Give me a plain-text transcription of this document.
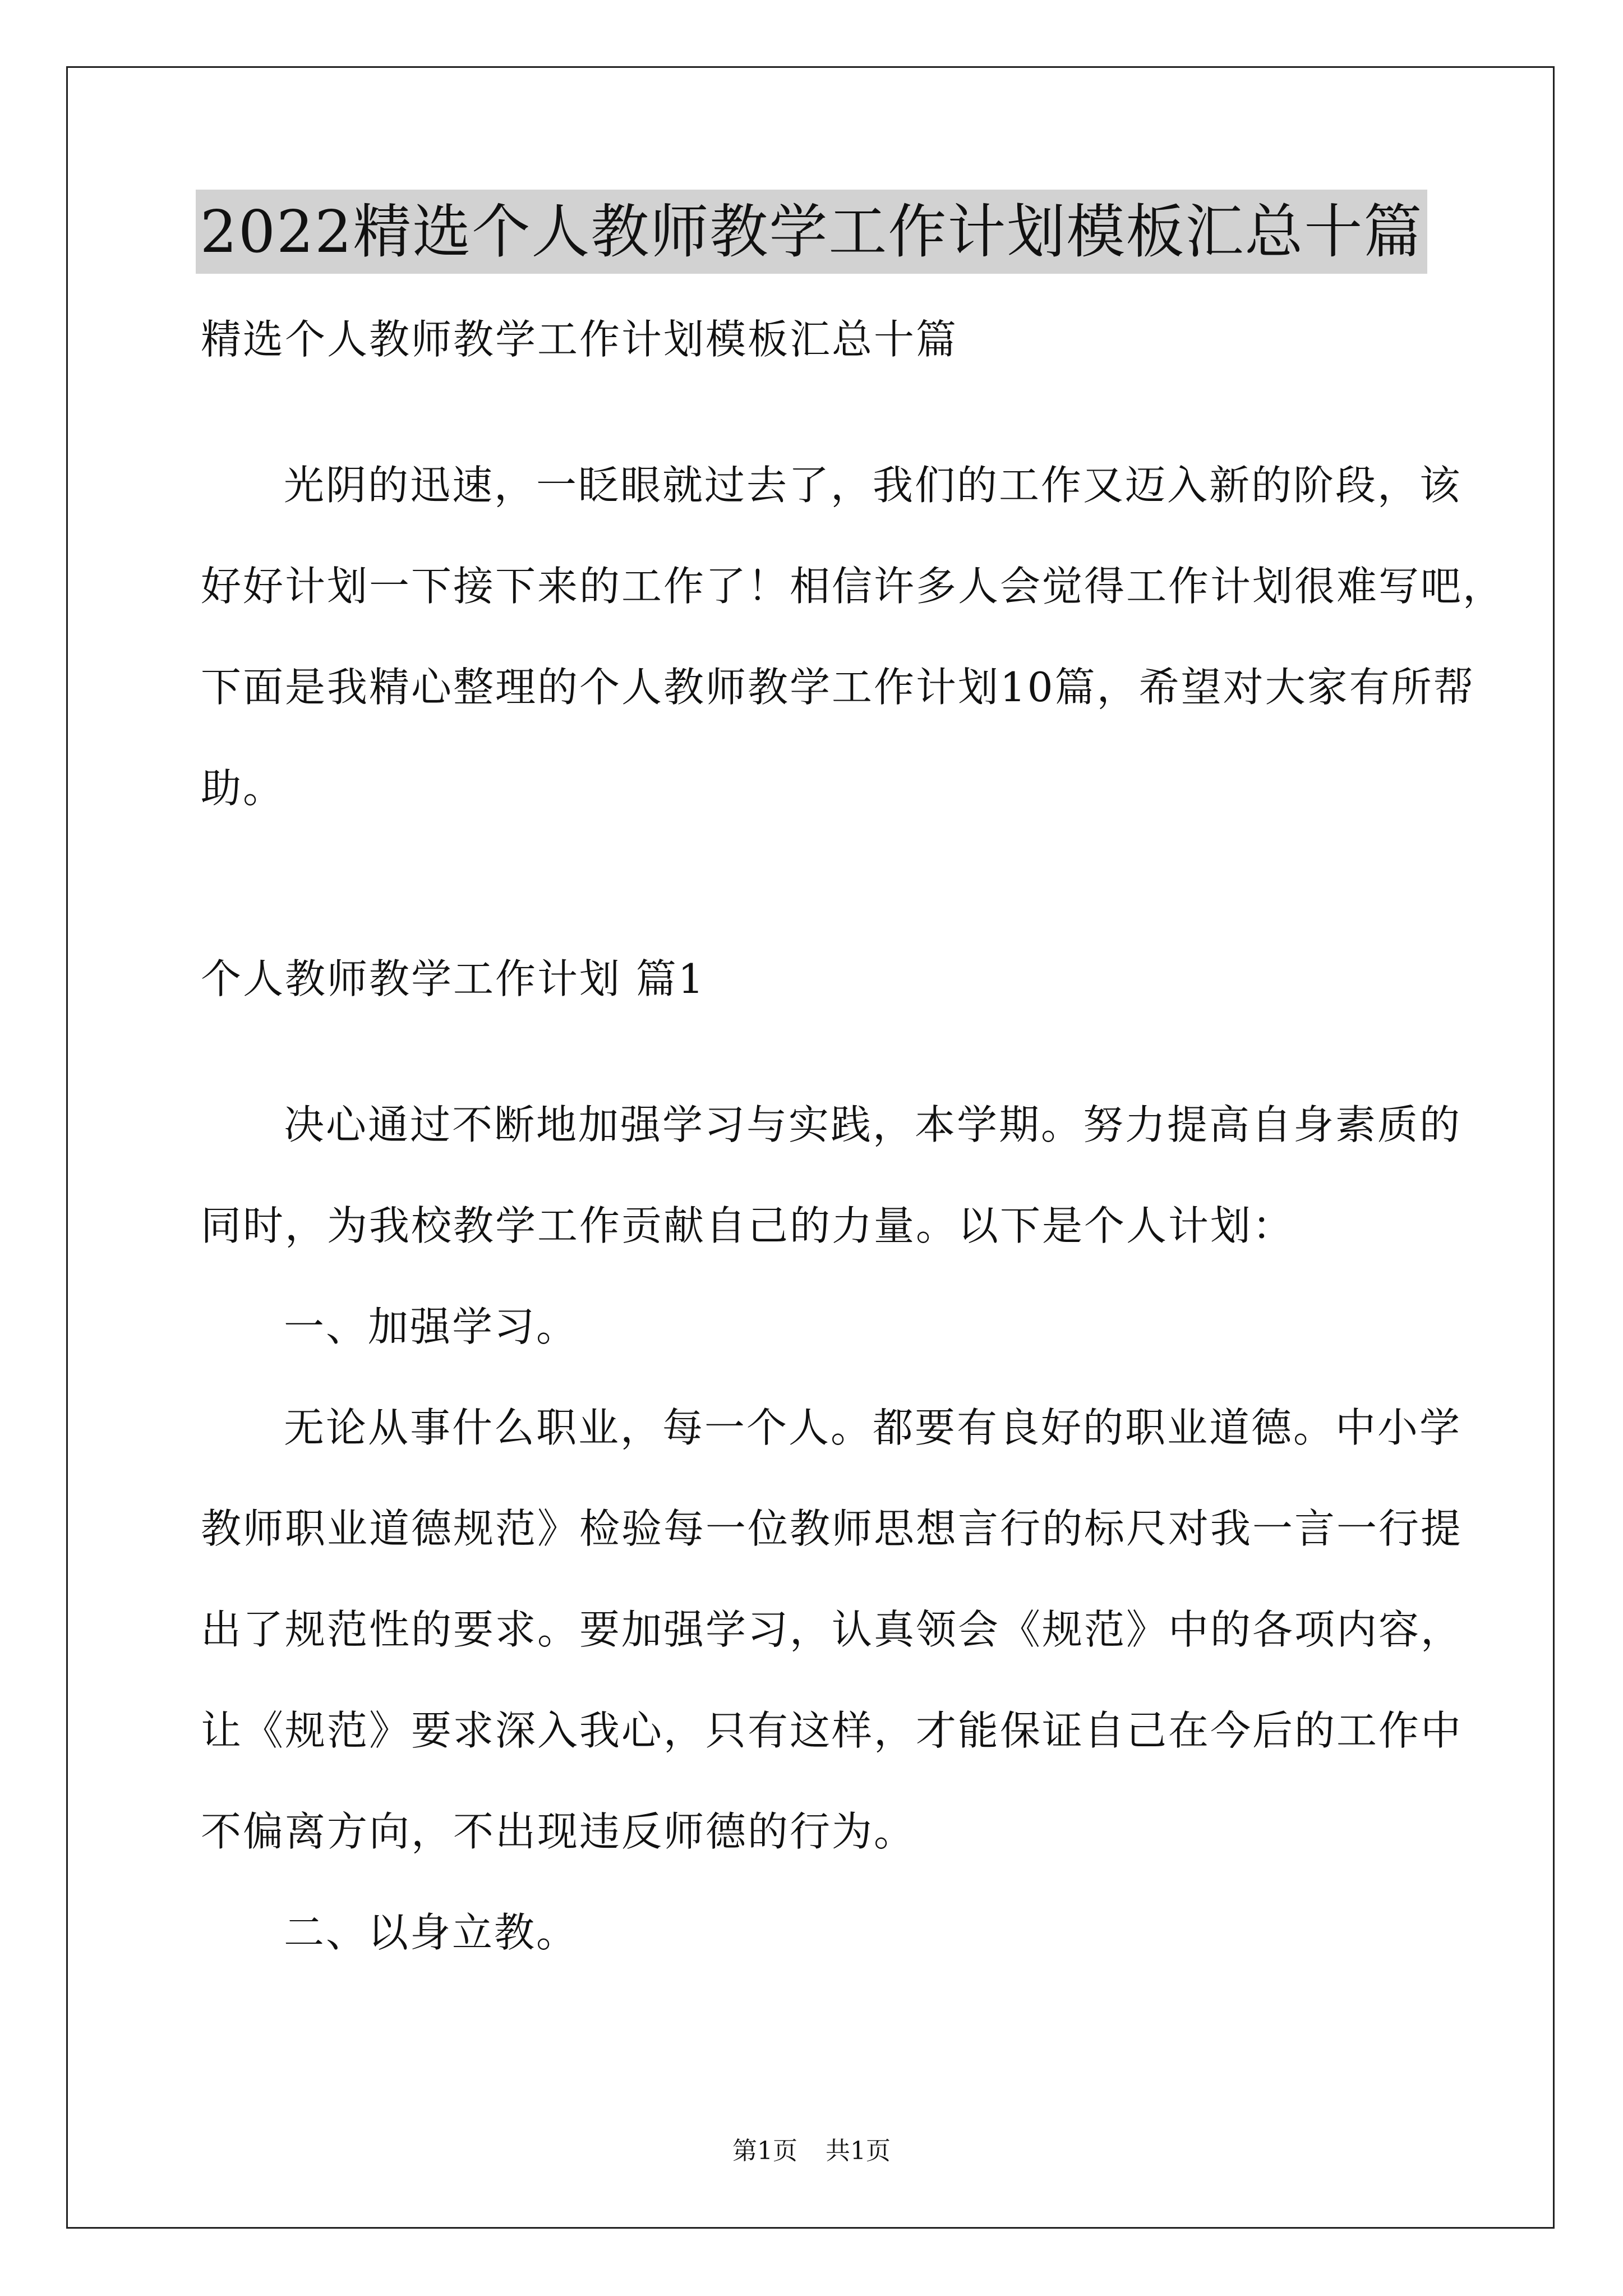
2022精选个人教师教学工作计划模板汇总十篇
精选个人教师教学工作计划模板汇总十篇
光阴的迅速，一眨眼就过去了，我们的工作又迈入新的阶段，该
好好计划一下接下来的工作了！相信许多人会觉得工作计划很难写吧，
下面是我精心整理的个人教师教学工作计划10篇，希望对大家有所帮
助。
个人教师教学工作计划 篇1
决心通过不断地加强学习与实践，本学期。努力提高自身素质的
同时，为我校教学工作贡献自己的力量。以下是个人计划：
一、加强学习。
无论从事什么职业，每一个人。都要有良好的职业道德。中小学
教师职业道德规范》检验每一位教师思想言行的标尺对我一言一行提
出了规范性的要求。要加强学习，认真领会《规范》中的各项内容，
让《规范》要求深入我心，只有这样，才能保证自己在今后的工作中
不偏离方向，不出现违反师德的行为。
二、以身立教。
第1页 共1页
